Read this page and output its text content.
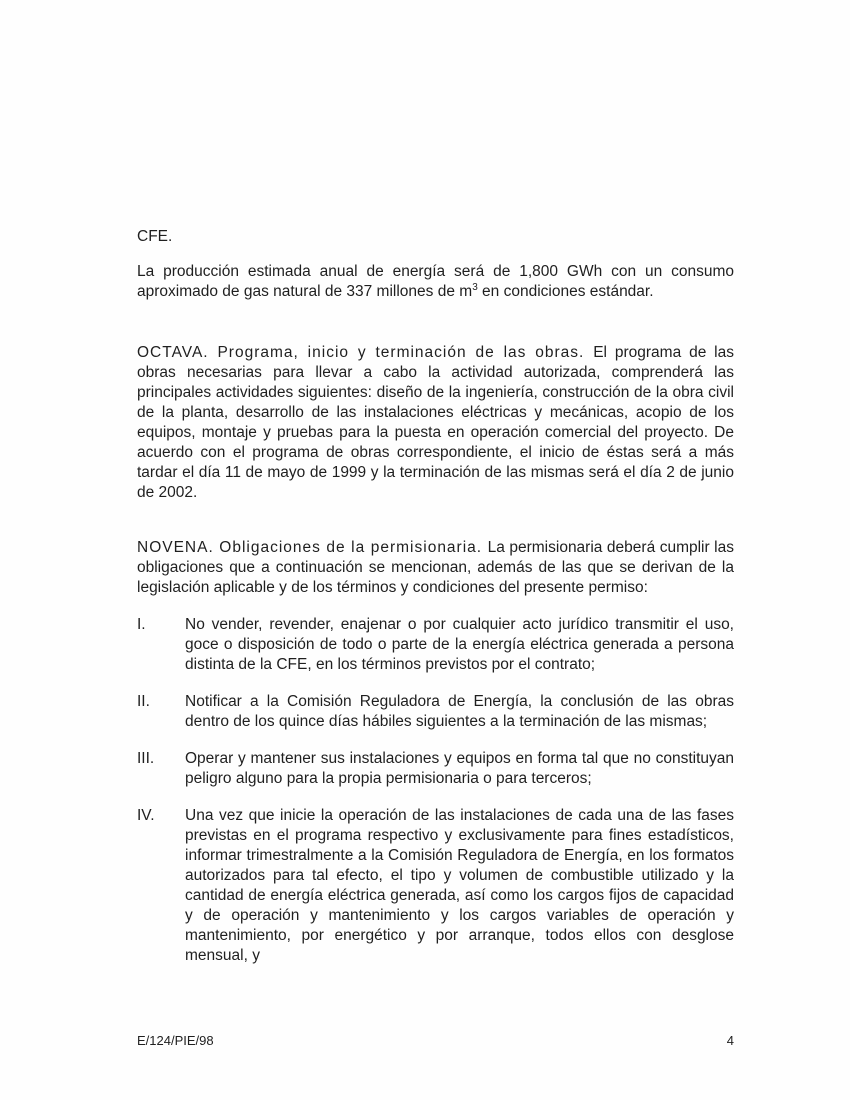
CFE.

La producción estimada anual de energía será de 1,800 GWh con un consumo aproximado de gas natural de 337 millones de $m^3$ en condiciones estándar.

OCTAVA. Programa, inicio y terminación de las obras. El programa de las obras necesarias para llevar a cabo la actividad autorizada, comprenderá las principales actividades siguientes: diseño de la ingeniería, construcción de la obra civil de la planta, desarrollo de las instalaciones eléctricas y mecánicas, acopio de los equipos, montaje y pruebas para la puesta en operación comercial del proyecto. De acuerdo con el programa de obras correspondiente, el inicio de éstas será a más tardar el día 11 de mayo de 1999 y la terminación de las mismas será el día 2 de junio de 2002.

NOVENA. Obligaciones de la permisionaria. La permisionaria deberá cumplir las obligaciones que a continuación se mencionan, además de las que se derivan de la legislación aplicable y de los términos y condiciones del presente permiso:

I.	No vender, revender, enajenar o por cualquier acto jurídico transmitir el uso, goce o disposición de todo o parte de la energía eléctrica generada a persona distinta de la CFE, en los términos previstos por el contrato;
II.	Notificar a la Comisión Reguladora de Energía, la conclusión de las obras dentro de los quince días hábiles siguientes a la terminación de las mismas;
III.	Operar y mantener sus instalaciones y equipos en forma tal que no constituyan peligro alguno para la propia permisionaria o para terceros;
IV.	Una vez que inicie la operación de las instalaciones de cada una de las fases previstas en el programa respectivo y exclusivamente para fines estadísticos, informar trimestralmente a la Comisión Reguladora de Energía, en los formatos autorizados para tal efecto, el tipo y volumen de combustible utilizado y la cantidad de energía eléctrica generada, así como los cargos fijos de capacidad y de operación y mantenimiento y los cargos variables de operación y mantenimiento, por energético y por arranque, todos ellos con desglose mensual, y
E/124/PIE/98	4
